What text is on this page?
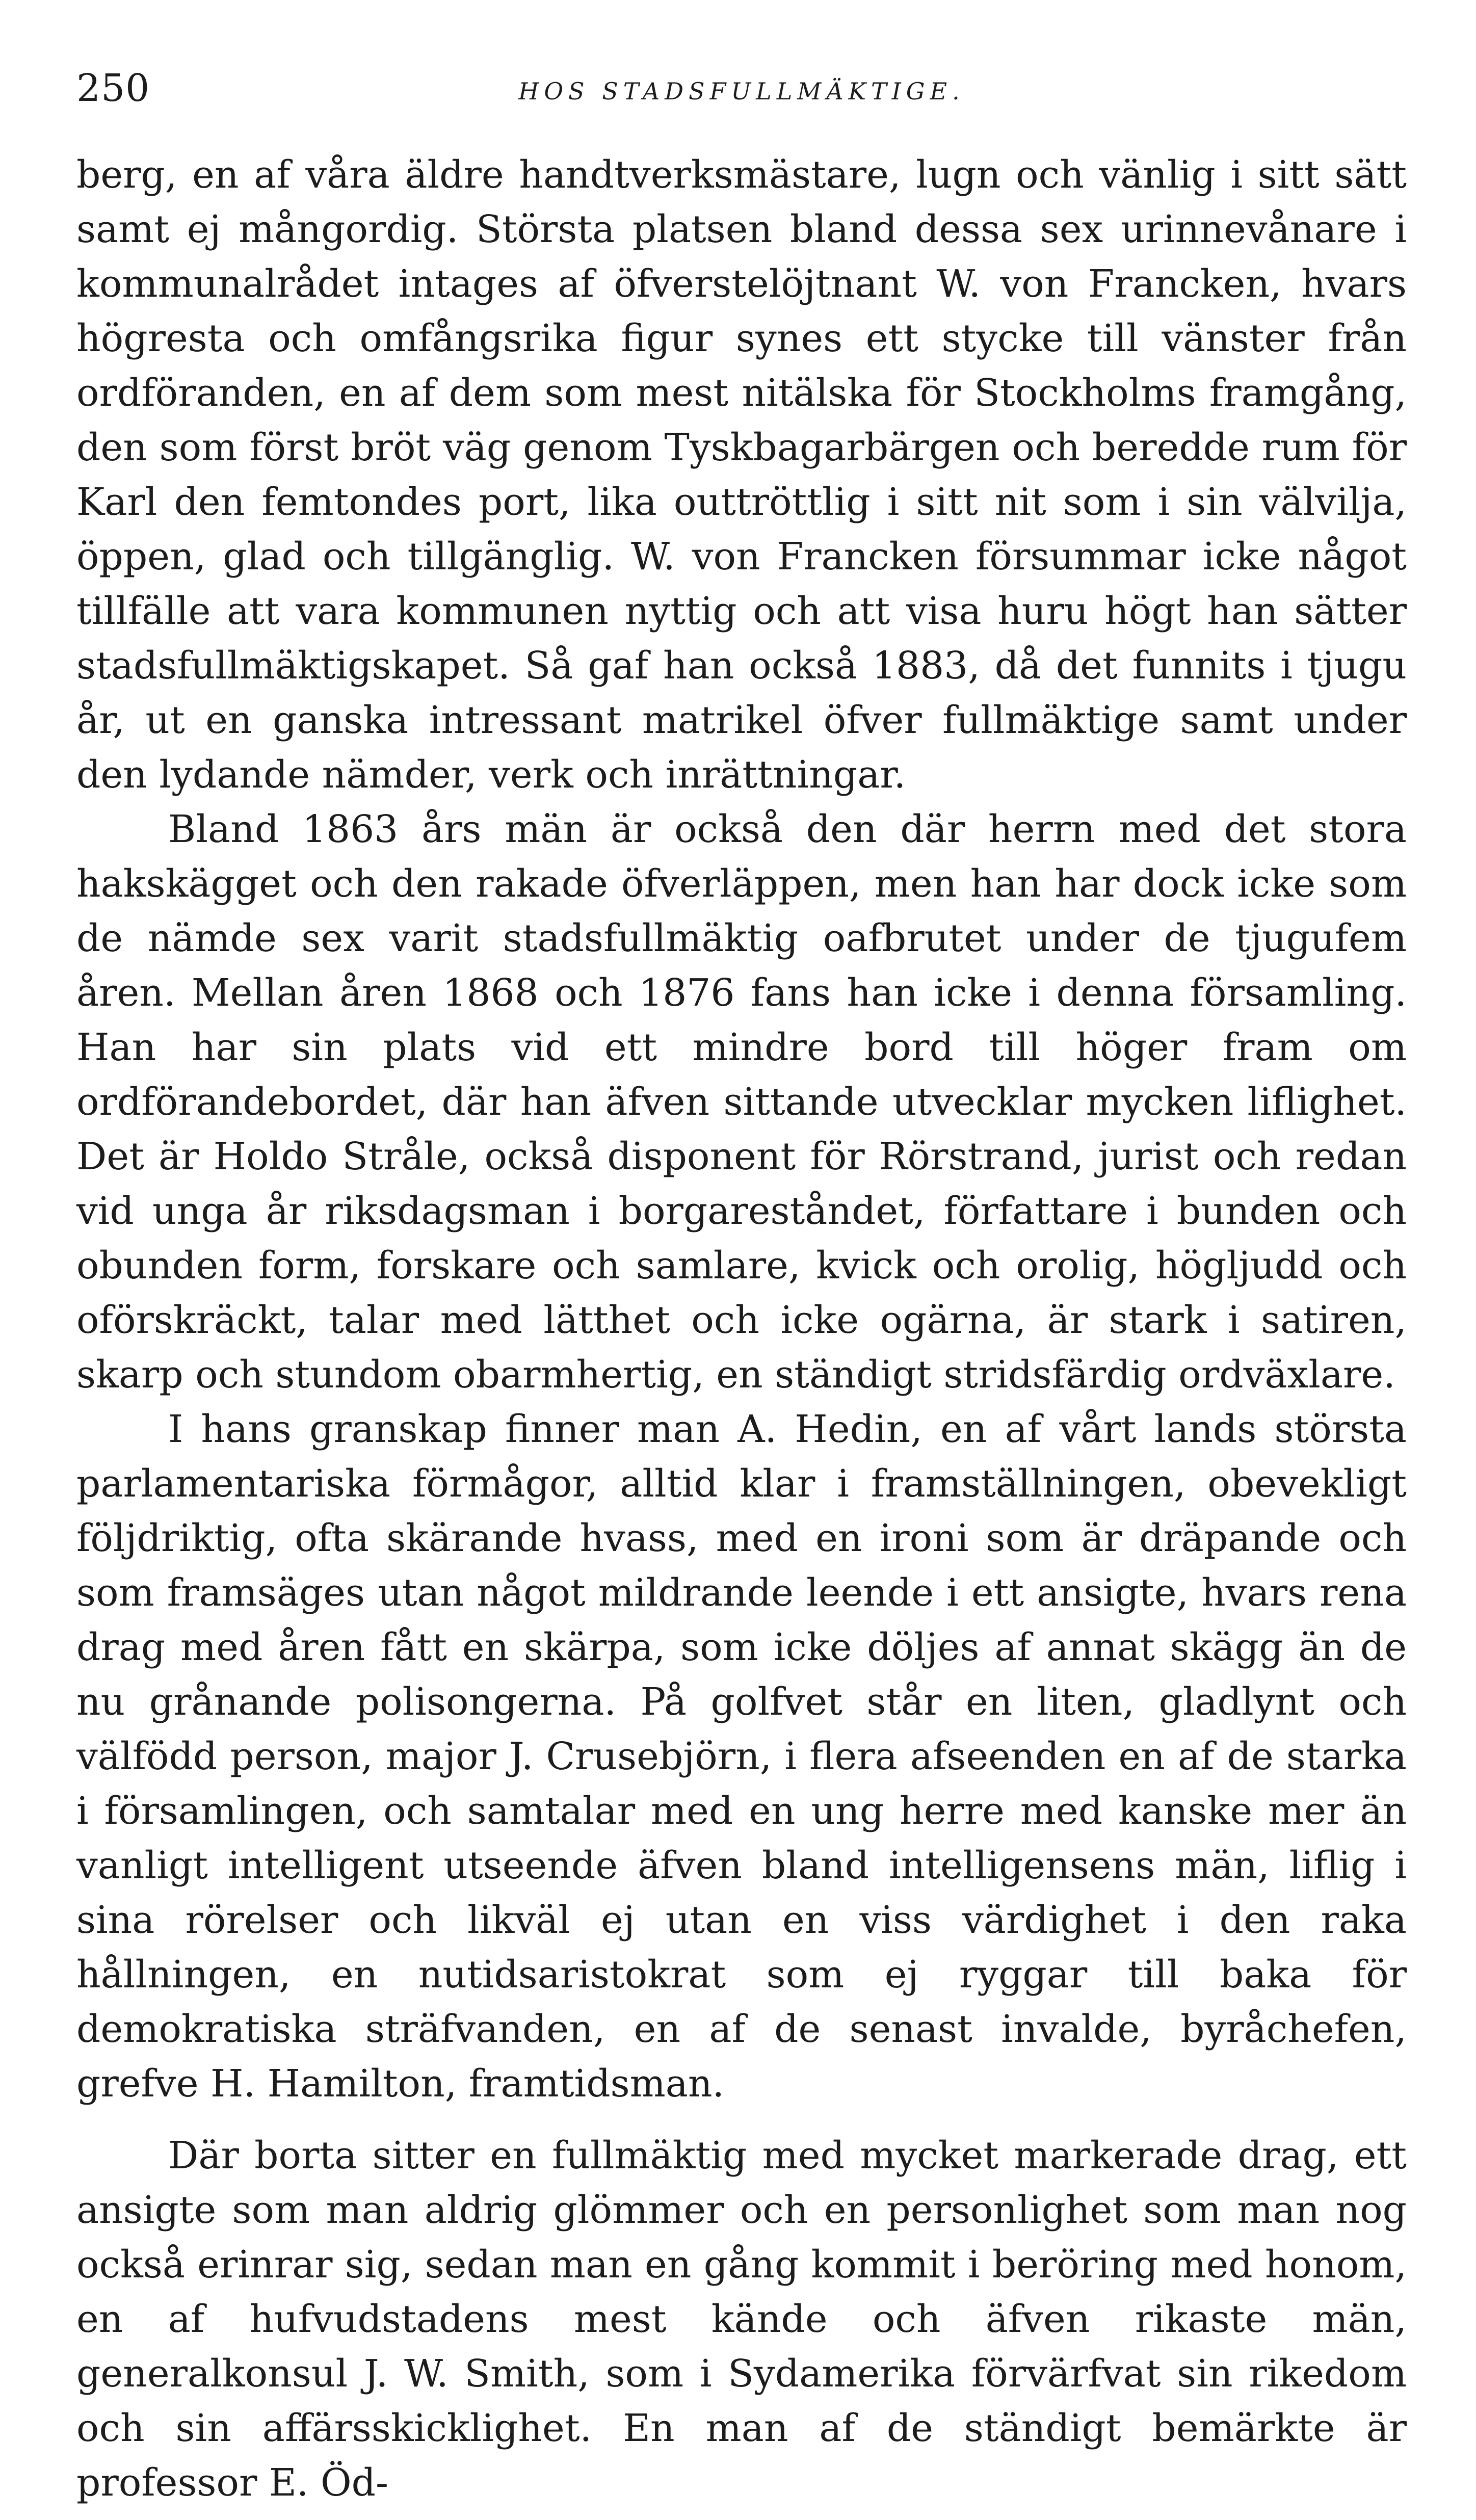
250	HOS STADSFULLMÄKTIGE.

berg, en af våra äldre handtverksmästare, lugn och vänlig i sitt sätt samt ej mångordig. Största platsen bland dessa sex urinnevånare i kommunalrådet intages af öfverstelöjtnant W. von Francken, hvars högresta och omfångsrika figur synes ett stycke till vänster från ordföranden, en af dem som mest nitälska för Stockholms framgång, den som först bröt väg genom Tyskbagarbärgen och beredde rum för Karl den femtondes port, lika outtröttlig i sitt nit som i sin välvilja, öppen, glad och tillgänglig. W. von Francken försummar icke något tillfälle att vara kommunen nyttig och att visa huru högt han sätter stadsfullmäktigskapet. Så gaf han också 1883, då det funnits i tjugu år, ut en ganska intressant matrikel öfver fullmäktige samt under den lydande nämder, verk och inrättningar.

Bland 1863 års män är också den där herrn med det stora hakskägget och den rakade öfverläppen, men han har dock icke som de nämde sex varit stadsfullmäktig oafbrutet under de tjugufem åren. Mellan åren 1868 och 1876 fans han icke i denna församling. Han har sin plats vid ett mindre bord till höger fram om ordförandebordet, där han äfven sittande utvecklar mycken liflighet. Det är Holdo Stråle, också disponent för Rörstrand, jurist och redan vid unga år riksdagsman i borgareståndet, författare i bunden och obunden form, forskare och samlare, kvick och orolig, högljudd och oförskräckt, talar med lätthet och icke ogärna, är stark i satiren, skarp och stundom obarmhertig, en ständigt stridsfärdig ordväxlare.

I hans granskap finner man A. Hedin, en af vårt lands största parlamentariska förmågor, alltid klar i framställningen, obevekligt följdriktig, ofta skärande hvass, med en ironi som är dräpande och som framsäges utan något mildrande leende i ett ansigte, hvars rena drag med åren fått en skärpa, som icke döljes af annat skägg än de nu grånande polisongerna. På golfvet står en liten, gladlynt och välfödd person, major J. Crusebjörn, i flera afseenden en af de starka i församlingen, och samtalar med en ung herre med kanske mer än vanligt intelligent utseende äfven bland intelligensens män, liflig i sina rörelser och likväl ej utan en viss värdighet i den raka hållningen, en nutidsaristokrat som ej ryggar till baka för demokratiska sträfvanden, en af de senast invalde, byråchefen, grefve H. Hamilton, framtidsman.

Där borta sitter en fullmäktig med mycket markerade drag, ett ansigte som man aldrig glömmer och en personlighet som man nog också erinrar sig, sedan man en gång kommit i beröring med honom, en af hufvudstadens mest kände och äfven rikaste män, generalkonsul J. W. Smith, som i Sydamerika förvärfvat sin rikedom och sin affärsskicklighet. En man af de ständigt bemärkte är professor E. Öd-
